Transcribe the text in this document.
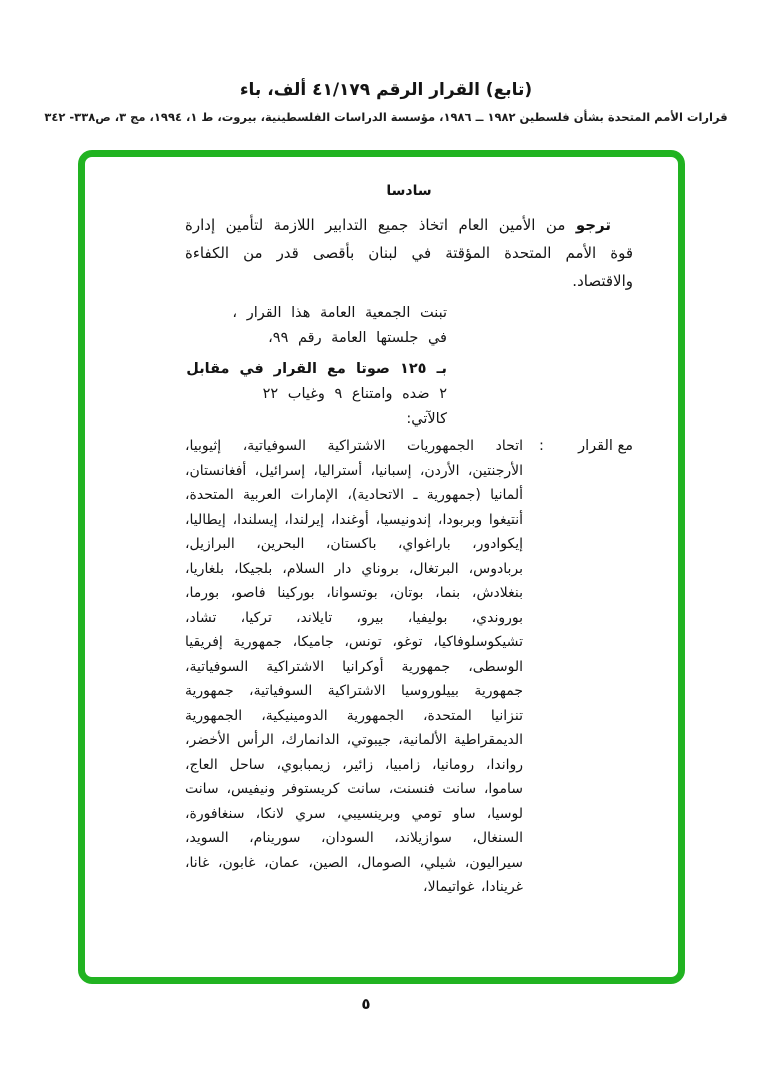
(تابع) القرار الرقم ٤١/١٧٩ ألف، باء
قرارات الأمم المتحدة بشأن فلسطين ١٩٨٢ ــ ١٩٨٦، مؤسسة الدراسات الفلسطينية، بيروت، ط ١، ١٩٩٤، مج ٣، ص٣٣٨- ٣٤٢
سادسا
ترجو من الأمين العام اتخاذ جميع التدابير اللازمة لتأمين إدارة قوة الأمم المتحدة المؤقتة في لبنان بأقصى قدر من الكفاءة والاقتصاد.
تبنت الجمعية العامة هذا القرار ،
في جلستها العامة رقم ٩٩،
بـ ١٢٥ صوتا مع القرار في مقابل
٢ ضده وامتناع ٩ وغياب ٢٢
كالآتي:
مع القرار
:
اتحاد الجمهوريات الاشتراكية السوفياتية، إثيوبيا، الأرجنتين، الأردن، إسبانيا، أستراليا، إسرائيل، أفغانستان، ألمانيا (جمهورية ـ الاتحادية)، الإمارات العربية المتحدة، أنتيغوا وبربودا، إندونيسيا، أوغندا، إيرلندا، إيسلندا، إيطاليا، إيكوادور، باراغواي، باكستان، البحرين، البرازيل، بربادوس، البرتغال، بروناي دار السلام، بلجيكا، بلغاريا، بنغلادش، بنما، بوتان، بوتسوانا، بوركينا فاصو، بورما، بوروندي، بوليفيا، بيرو، تايلاند، تركيا، تشاد، تشيكوسلوفاكيا، توغو، تونس، جاميكا، جمهورية إفريقيا الوسطى، جمهورية أوكرانيا الاشتراكية السوفياتية، جمهورية بييلوروسيا الاشتراكية السوفياتية، جمهورية تنزانيا المتحدة، الجمهورية الدومينيكية، الجمهورية الديمقراطية الألمانية، جيبوتي، الدانمارك، الرأس الأخضر، رواندا، رومانيا، زامبيا، زائير، زيمبابوي، ساحل العاج، ساموا، سانت فنسنت، سانت كريستوفر ونيفيس، سانت لوسيا، ساو تومي وبرينسيبي، سري لانكا، سنغافورة، السنغال، سوازيلاند، السودان، سورينام، السويد، سيراليون، شيلي، الصومال، الصين، عمان، غابون، غانا، غرينادا، غواتيمالا،
٥
